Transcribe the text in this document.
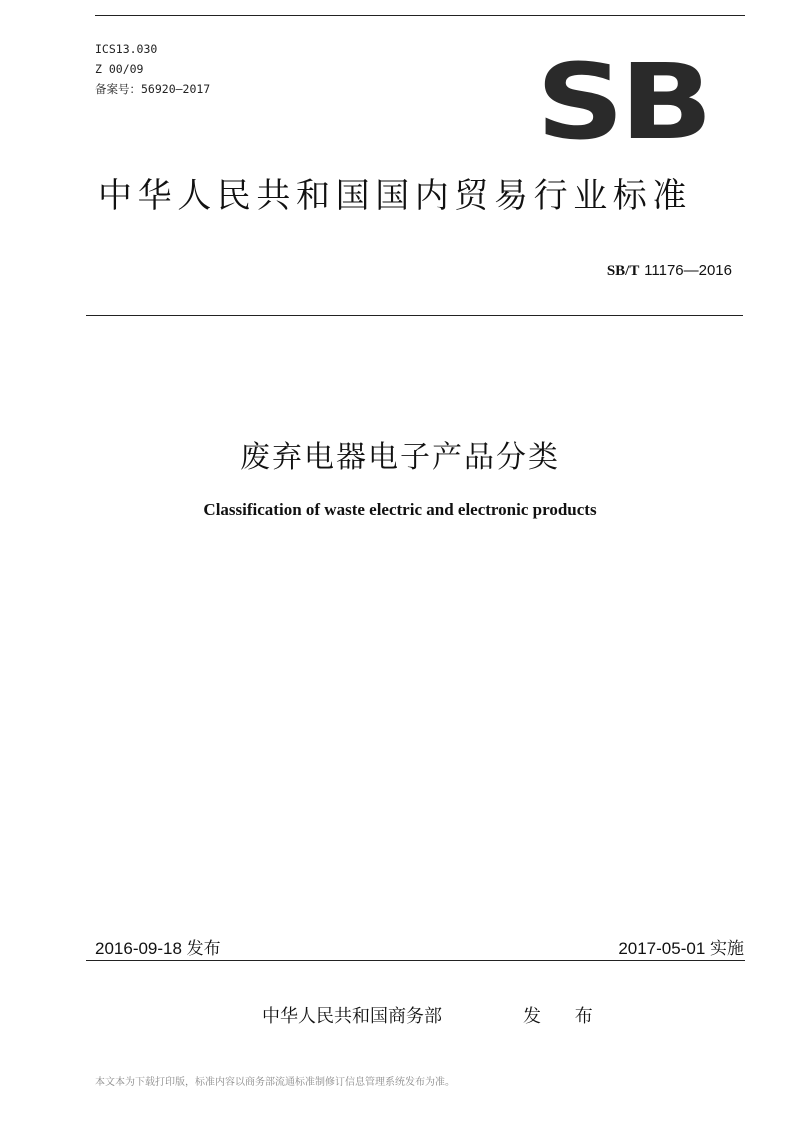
ICS13.030
Z 00/09
备案号：56920—2017	SB
中华人民共和国国内贸易行业标准
SB/T 11176—2016
废弃电器电子产品分类
Classification of waste electric and electronic products
2016-09-18 发布	2017-05-01 实施
中华人民共和国商务部	发 布
本文本为下载打印版，标准内容以商务部流通标准制修订信息管理系统发布为准。
